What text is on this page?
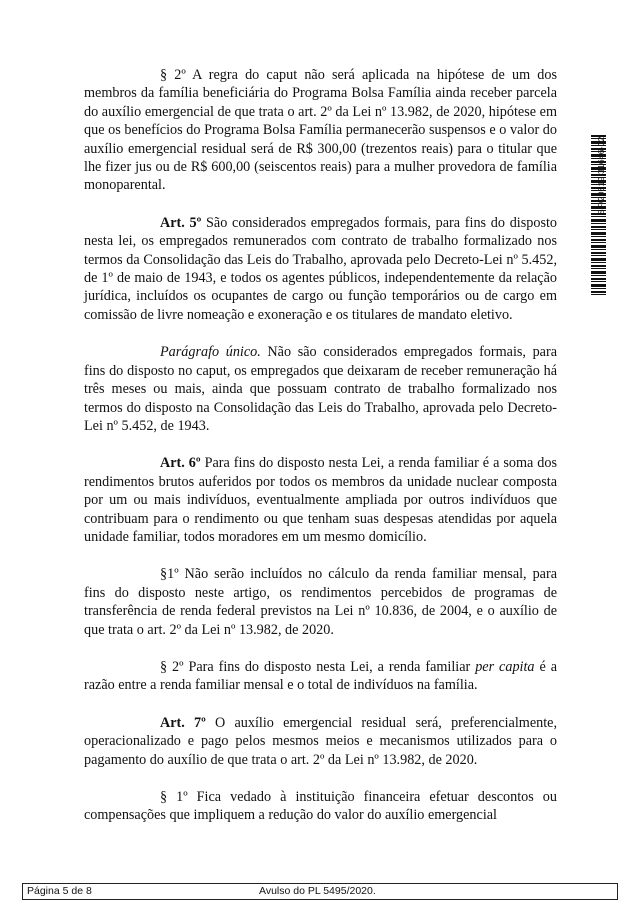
§ 2º A regra do caput não será aplicada na hipótese de um dos membros da família beneficiária do Programa Bolsa Família ainda receber parcela do auxílio emergencial de que trata o art. 2º da Lei nº 13.982, de 2020, hipótese em que os benefícios do Programa Bolsa Família permanecerão suspensos e o valor do auxílio emergencial residual será de R$ 300,00 (trezentos reais) para o titular que lhe fizer jus ou de R$ 600,00 (seiscentos reais) para a mulher provedora de família monoparental.

Art. 5º São considerados empregados formais, para fins do disposto nesta lei, os empregados remunerados com contrato de trabalho formalizado nos termos da Consolidação das Leis do Trabalho, aprovada pelo Decreto-Lei nº 5.452, de 1º de maio de 1943, e todos os agentes públicos, independentemente da relação jurídica, incluídos os ocupantes de cargo ou função temporários ou de cargo em comissão de livre nomeação e exoneração e os titulares de mandato eletivo.

Parágrafo único. Não são considerados empregados formais, para fins do disposto no caput, os empregados que deixaram de receber remuneração há três meses ou mais, ainda que possuam contrato de trabalho formalizado nos termos do disposto na Consolidação das Leis do Trabalho, aprovada pelo Decreto-Lei nº 5.452, de 1943.

Art. 6º Para fins do disposto nesta Lei, a renda familiar é a soma dos rendimentos brutos auferidos por todos os membros da unidade nuclear composta por um ou mais indivíduos, eventualmente ampliada por outros indivíduos que contribuam para o rendimento ou que tenham suas despesas atendidas por aquela unidade familiar, todos moradores em um mesmo domicílio.

§1º Não serão incluídos no cálculo da renda familiar mensal, para fins do disposto neste artigo, os rendimentos percebidos de programas de transferência de renda federal previstos na Lei nº 10.836, de 2004, e o auxílio de que trata o art. 2º da Lei nº 13.982, de 2020.

§ 2º Para fins do disposto nesta Lei, a renda familiar per capita é a razão entre a renda familiar mensal e o total de indivíduos na família.

Art. 7º O auxílio emergencial residual será, preferencialmente, operacionalizado e pago pelos mesmos meios e mecanismos utilizados para o pagamento do auxílio de que trata o art. 2º da Lei nº 13.982, de 2020.

§ 1º Fica vedado à instituição financeira efetuar descontos ou compensações que impliquem a redução do valor do auxílio emergencial

SF/20819.31646-02
Página 5 de 8	Avulso do PL 5495/2020.
